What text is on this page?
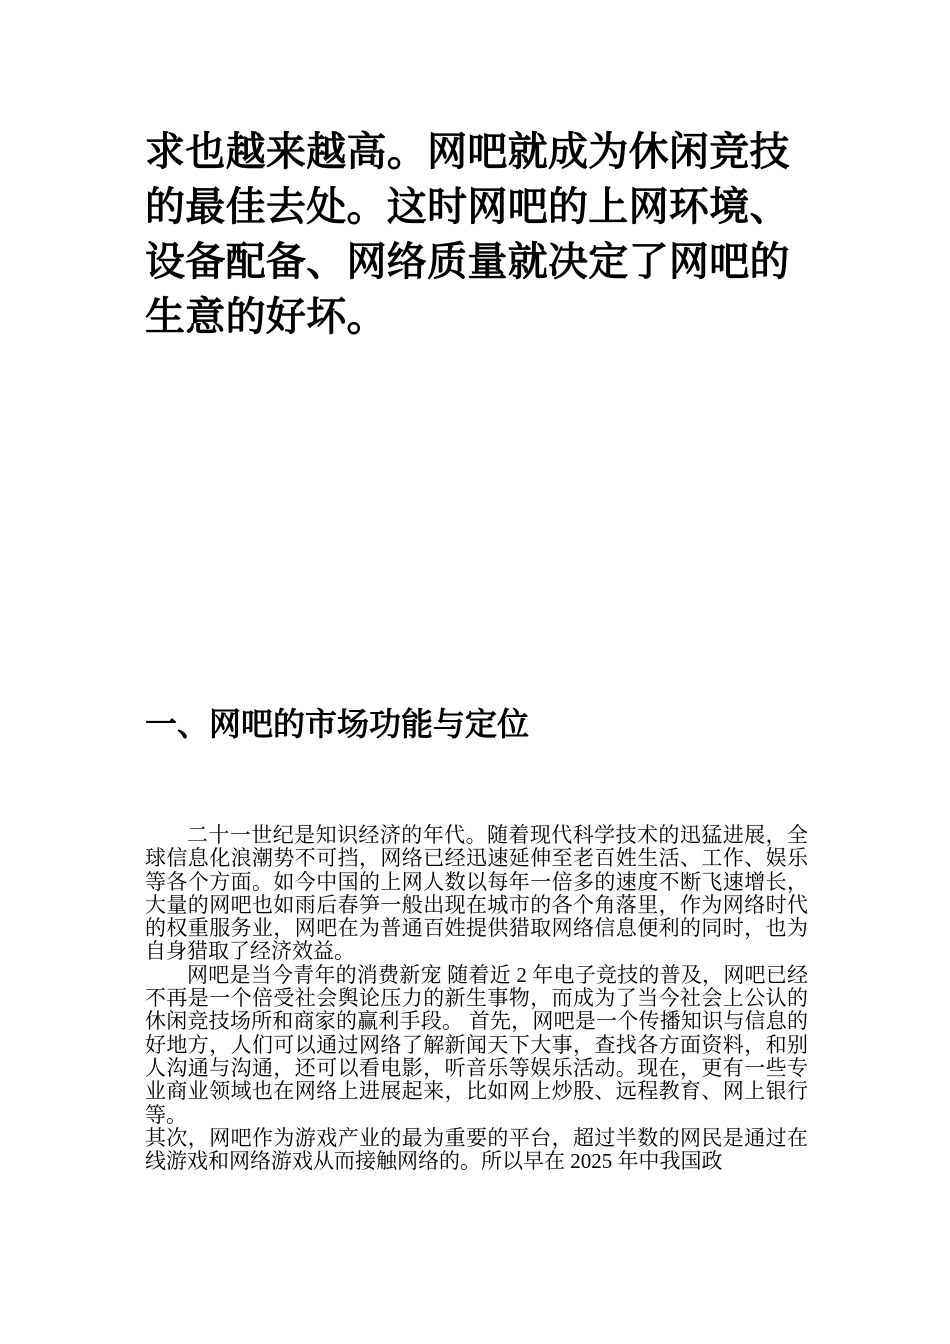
求也越来越高。网吧就成为休闲竞技的最佳去处。这时网吧的上网环境、设备配备、网络质量就决定了网吧的生意的好坏。

一、网吧的市场功能与定位

二十一世纪是知识经济的年代。随着现代科学技术的迅猛进展，全球信息化浪潮势不可挡，网络已经迅速延伸至老百姓生活、工作、娱乐等各个方面。如今中国的上网人数以每年一倍多的速度不断飞速增长，大量的网吧也如雨后春笋一般出现在城市的各个角落里，作为网络时代的权重服务业，网吧在为普通百姓提供猎取网络信息便利的同时，也为自身猎取了经济效益。

网吧是当今青年的消费新宠 随着近 2 年电子竞技的普及，网吧已经不再是一个倍受社会舆论压力的新生事物，而成为了当今社会上公认的休闲竞技场所和商家的赢利手段。 首先，网吧是一个传播知识与信息的好地方，人们可以通过网络了解新闻天下大事，查找各方面资料，和别人沟通与沟通，还可以看电影，听音乐等娱乐活动。现在，更有一些专业商业领域也在网络上进展起来，比如网上炒股、远程教育、网上银行等。

其次，网吧作为游戏产业的最为重要的平台，超过半数的网民是通过在线游戏和网络游戏从而接触网络的。所以早在 2025 年中我国政
